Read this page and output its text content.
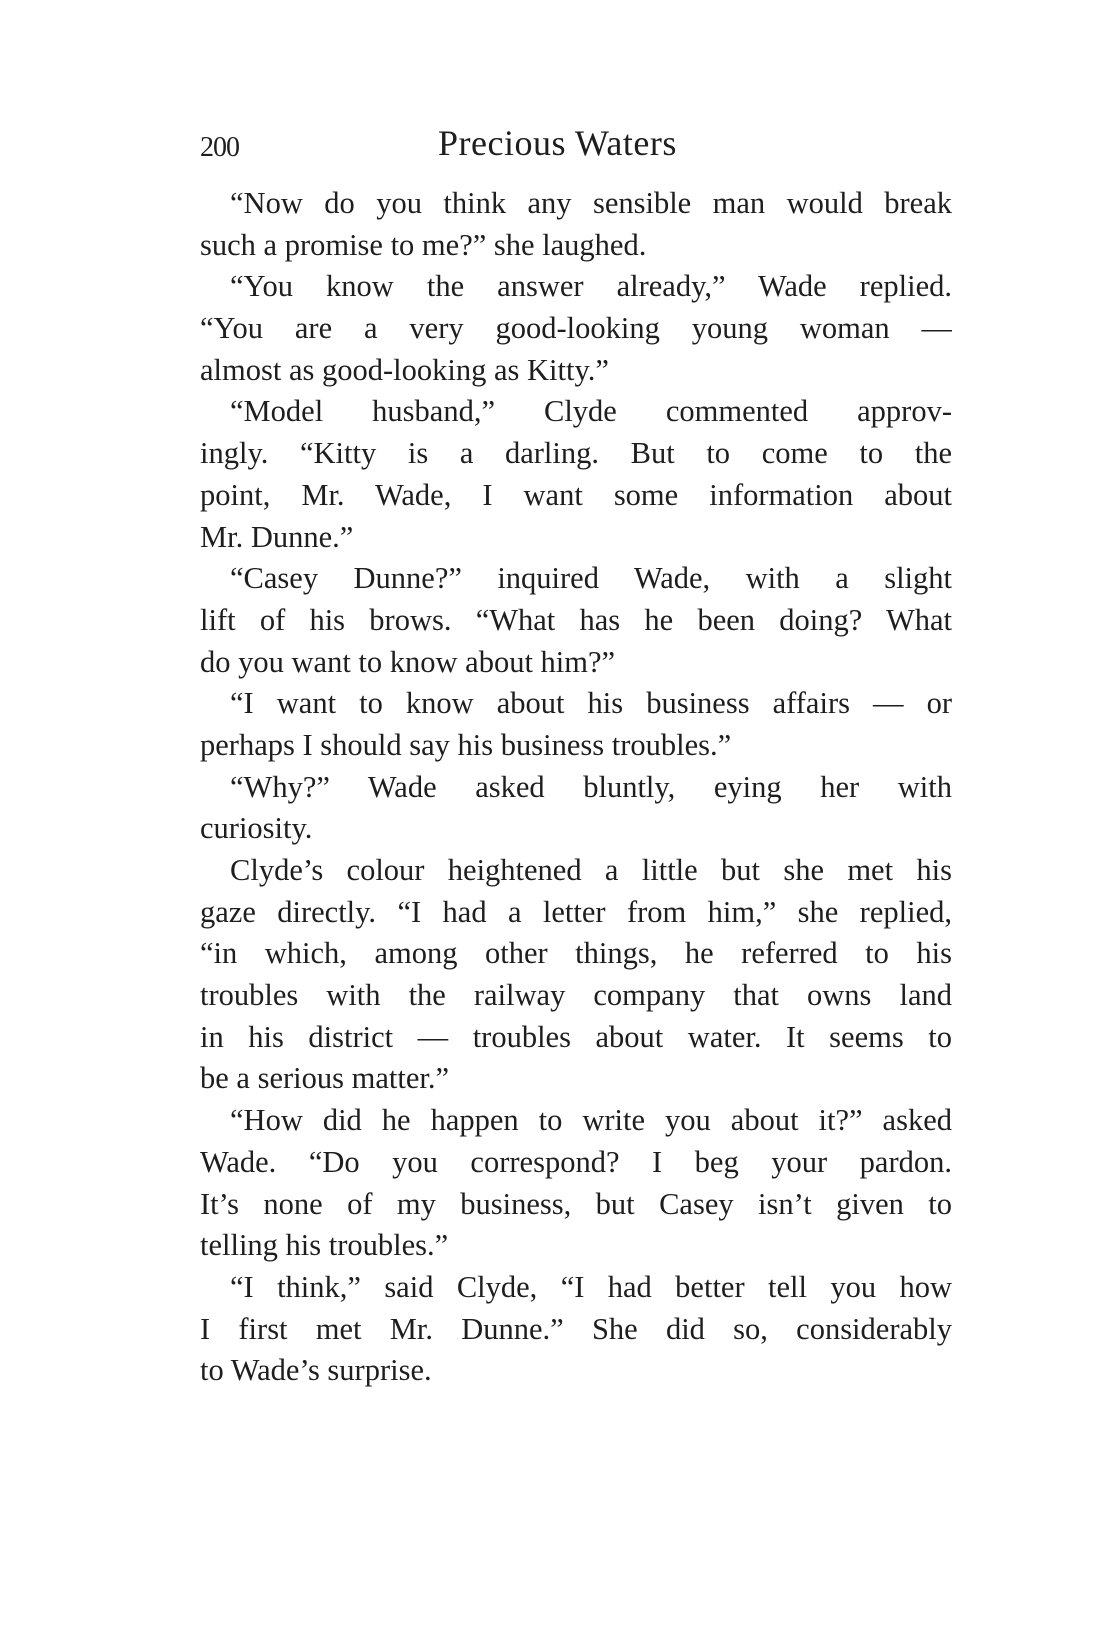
200	Precious Waters
“Now do you think any sensible man would break
such a promise to me?” she laughed.
“You know the answer already,” Wade replied.
“You are a very good-looking young woman —
almost as good-looking as Kitty.”
“Model husband,” Clyde commented approv-
ingly. “Kitty is a darling. But to come to the
point, Mr. Wade, I want some information about
Mr. Dunne.”
“Casey Dunne?” inquired Wade, with a slight
lift of his brows. “What has he been doing? What
do you want to know about him?”
“I want to know about his business affairs — or
perhaps I should say his business troubles.”
“Why?” Wade asked bluntly, eying her with
curiosity.
Clyde’s colour heightened a little but she met his
gaze directly. “I had a letter from him,” she replied,
“in which, among other things, he referred to his
troubles with the railway company that owns land
in his district — troubles about water. It seems to
be a serious matter.”
“How did he happen to write you about it?” asked
Wade. “Do you correspond? I beg your pardon.
It’s none of my business, but Casey isn’t given to
telling his troubles.”
“I think,” said Clyde, “I had better tell you how
I first met Mr. Dunne.” She did so, considerably
to Wade’s surprise.
